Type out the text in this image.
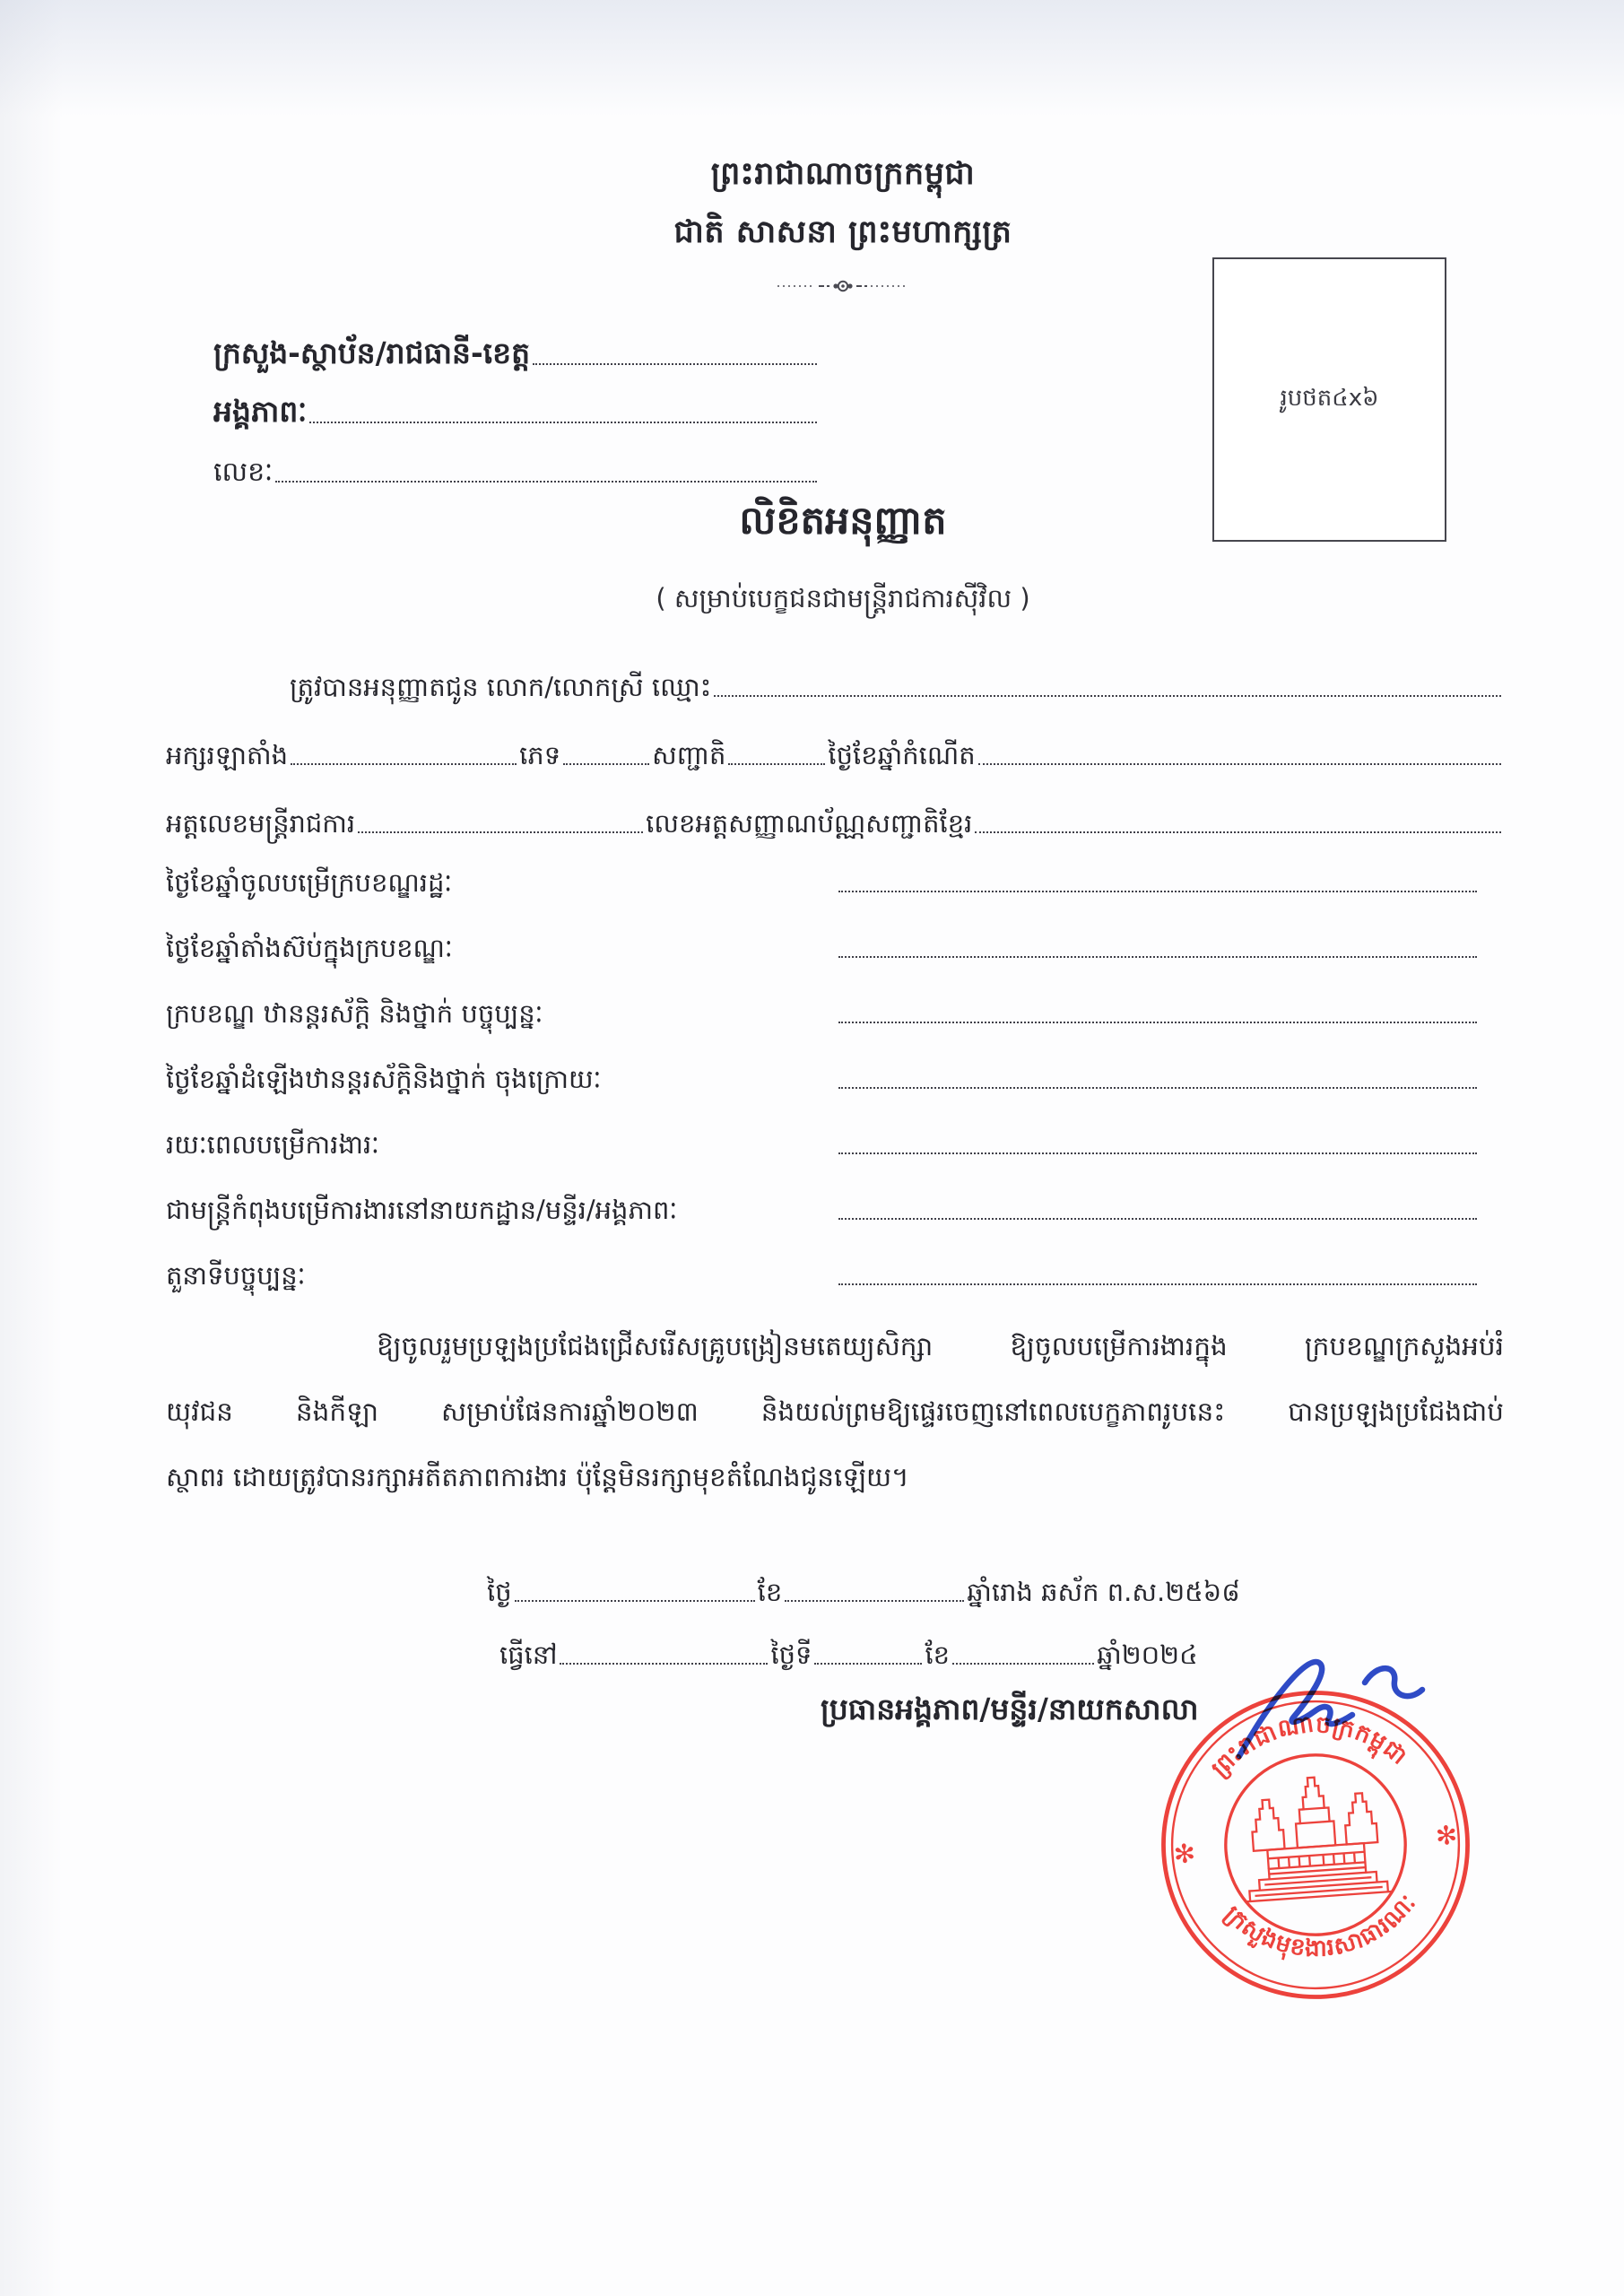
ព្រះរាជាណាចក្រកម្ពុជា
ជាតិ សាសនា ព្រះមហាក្សត្រ
រូបថត៤x៦
ក្រសួង-ស្ថាប័ន/រាជធានី-ខេត្ត
អង្គភាពៈ
លេខៈ
លិខិតអនុញ្ញាត
( សម្រាប់បេក្ខជនជាមន្ត្រីរាជការស៊ីវិល )
ត្រូវបានអនុញ្ញាតជូន លោក/លោកស្រី ឈ្មោះ
អក្សរឡាតាំង	ភេទ	សញ្ជាតិ	ថ្ងៃខែឆ្នាំកំណើត
អត្តលេខមន្ត្រីរាជការ	លេខអត្តសញ្ញាណប័ណ្ណសញ្ជាតិខ្មែរ
ថ្ងៃខែឆ្នាំចូលបម្រើក្របខណ្ឌរដ្ឋៈ
ថ្ងៃខែឆ្នាំតាំងស៊ប់ក្នុងក្របខណ្ឌៈ
ក្របខណ្ឌ ឋានន្តរស័ក្តិ និងថ្នាក់ បច្ចុប្បន្នៈ
ថ្ងៃខែឆ្នាំដំឡើងឋានន្តរស័ក្តិនិងថ្នាក់ ចុងក្រោយៈ
រយៈពេលបម្រើការងារៈ
ជាមន្ត្រីកំពុងបម្រើការងារនៅនាយកដ្ឋាន/មន្ទីរ/អង្គភាពៈ
តួនាទីបច្ចុប្បន្នៈ
ឱ្យចូលរួមប្រឡងប្រជែងជ្រើសរើសគ្រូបង្រៀនមតេយ្យសិក្សា ឱ្យចូលបម្រើការងារក្នុង ក្របខណ្ឌក្រសួងអប់រំ
យុវជន និងកីឡា សម្រាប់ផែនការឆ្នាំ២០២៣ និងយល់ព្រមឱ្យផ្ទេរចេញនៅពេលបេក្ខភាពរូបនេះ បានប្រឡងប្រជែងជាប់
ស្ថាពរ ដោយត្រូវបានរក្សាអតីតភាពការងារ ប៉ុន្តែមិនរក្សាមុខតំណែងជូនឡើយ។
ថ្ងៃ	ខែ	ឆ្នាំរោង ឆស័ក ព.ស.២៥៦៨
ធ្វើនៅ	ថ្ងៃទី	ខែ	ឆ្នាំ២០២៤
ប្រធានអង្គភាព/មន្ទីរ/នាយកសាលា
ព្រះរាជាណាចក្រកម្ពុជា
ក្រសួងមុខងារសាធារណៈ
✻
✻
